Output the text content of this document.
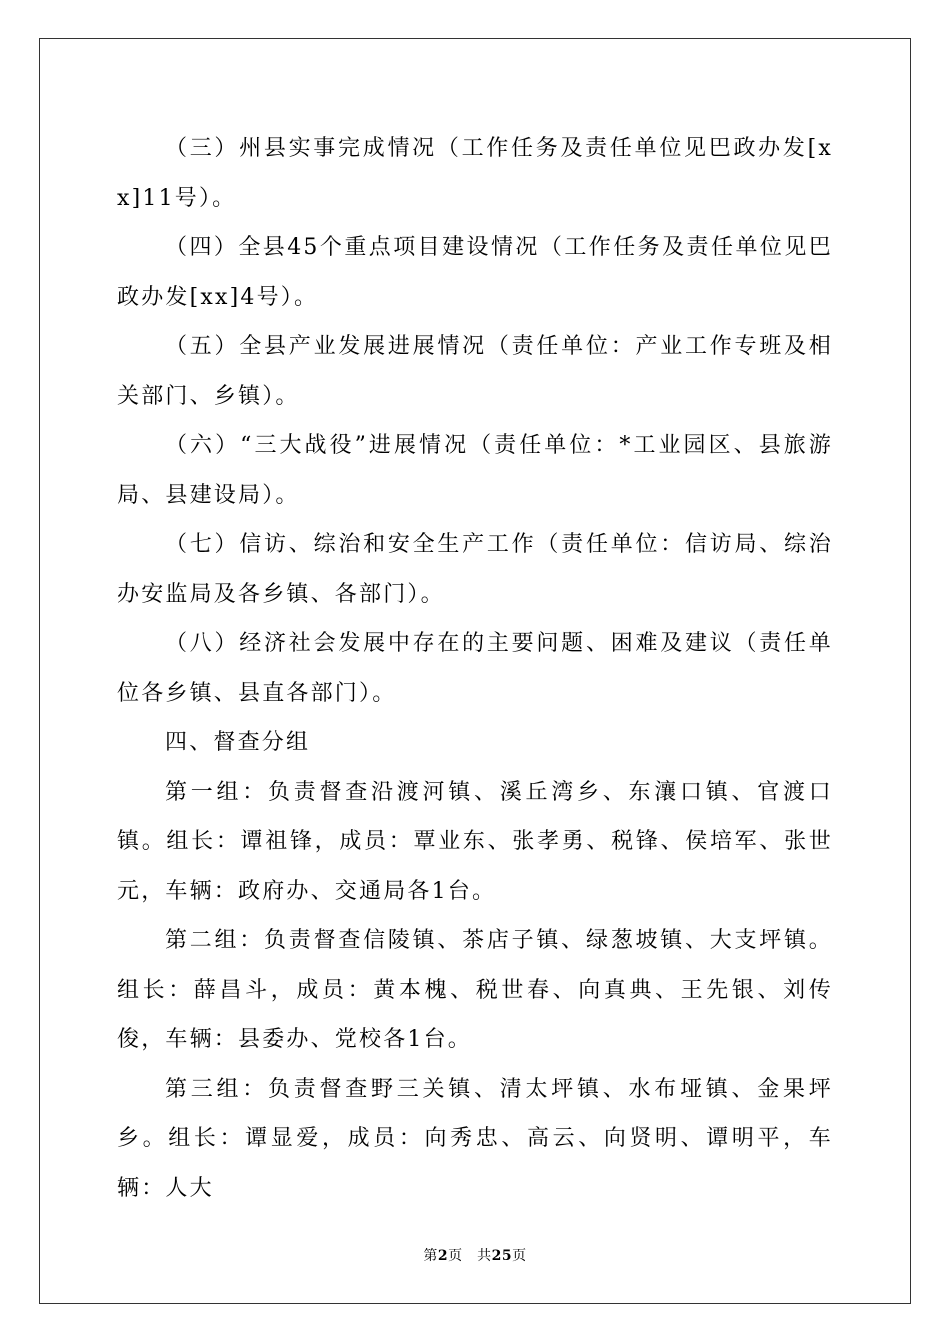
（三）州县实事完成情况（工作任务及责任单位见巴政办发[xx]11号）。

（四）全县45个重点项目建设情况（工作任务及责任单位见巴政办发[xx]4号）。

（五）全县产业发展进展情况（责任单位：产业工作专班及相关部门、乡镇）。

（六）“三大战役”进展情况（责任单位：*工业园区、县旅游局、县建设局）。

（七）信访、综治和安全生产工作（责任单位：信访局、综治办安监局及各乡镇、各部门）。

（八）经济社会发展中存在的主要问题、困难及建议（责任单位各乡镇、县直各部门）。

四、督查分组

第一组：负责督查沿渡河镇、溪丘湾乡、东瀼口镇、官渡口镇。组长：谭祖锋，成员：覃业东、张孝勇、税锋、侯培军、张世元，车辆：政府办、交通局各1台。

第二组：负责督查信陵镇、茶店子镇、绿葱坡镇、大支坪镇。组长：薛昌斗，成员：黄本槐、税世春、向真典、王先银、刘传俊，车辆：县委办、党校各1台。

第三组：负责督查野三关镇、清太坪镇、水布垭镇、金果坪乡。组长：谭显爱，成员：向秀忠、高云、向贤明、谭明平，车辆：人大

第2页　共25页
